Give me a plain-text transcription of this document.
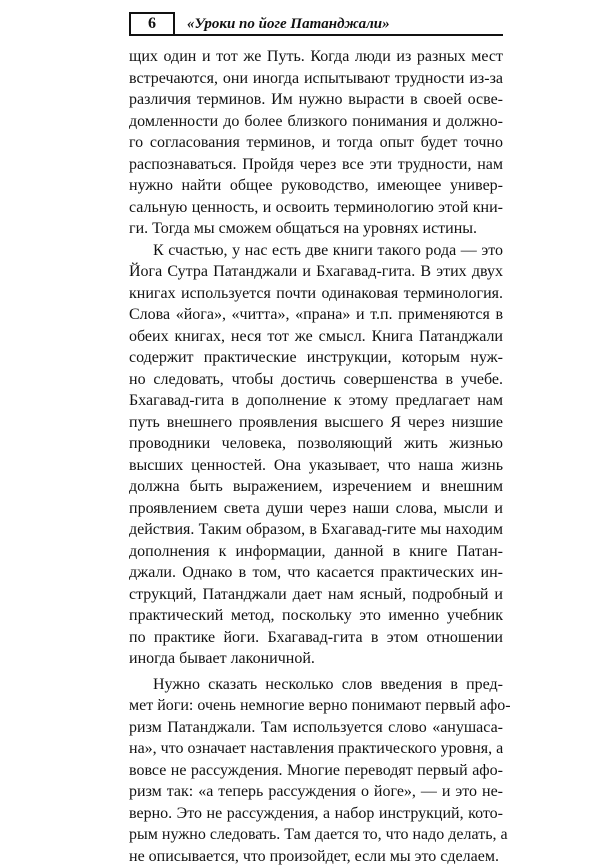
6	«Уроки по йоге Патанджали»
щих один и тот же Путь. Когда люди из разных мест
встречаются, они иногда испытывают трудности из-за
различия терминов. Им нужно вырасти в своей осве-
домленности до более близкого понимания и должно-
го согласования терминов, и тогда опыт будет точно
распознаваться. Пройдя через все эти трудности, нам
нужно найти общее руководство, имеющее универ-
сальную ценность, и освоить терминологию этой кни-
ги. Тогда мы сможем общаться на уровнях истины.
К счастью, у нас есть две книги такого рода — это
Йога Сутра Патанджали и Бхагавад-гита. В этих двух
книгах используется почти одинаковая терминология.
Слова «йога», «читта», «прана» и т.п. применяются в
обеих книгах, неся тот же смысл. Книга Патанджали
содержит практические инструкции, которым нуж-
но следовать, чтобы достичь совершенства в учебе.
Бхагавад-гита в дополнение к этому предлагает нам
путь внешнего проявления высшего Я через низшие
проводники человека, позволяющий жить жизнью
высших ценностей. Она указывает, что наша жизнь
должна быть выражением, изречением и внешним
проявлением света души через наши слова, мысли и
действия. Таким образом, в Бхагавад-гите мы находим
дополнения к информации, данной в книге Патан-
джали. Однако в том, что касается практических ин-
струкций, Патанджали дает нам ясный, подробный и
практический метод, поскольку это именно учебник
по практике йоги. Бхагавад-гита в этом отношении
иногда бывает лаконичной.
Нужно сказать несколько слов введения в пред-
мет йоги: очень немногие верно понимают первый афо-
ризм Патанджали. Там используется слово «анушаса-
на», что означает наставления практического уровня, а
вовсе не рассуждения. Многие переводят первый афо-
ризм так: «а теперь рассуждения о йоге», — и это не-
верно. Это не рассуждения, а набор инструкций, кото-
рым нужно следовать. Там дается то, что надо делать, а
не описывается, что произойдет, если мы это сделаем.
